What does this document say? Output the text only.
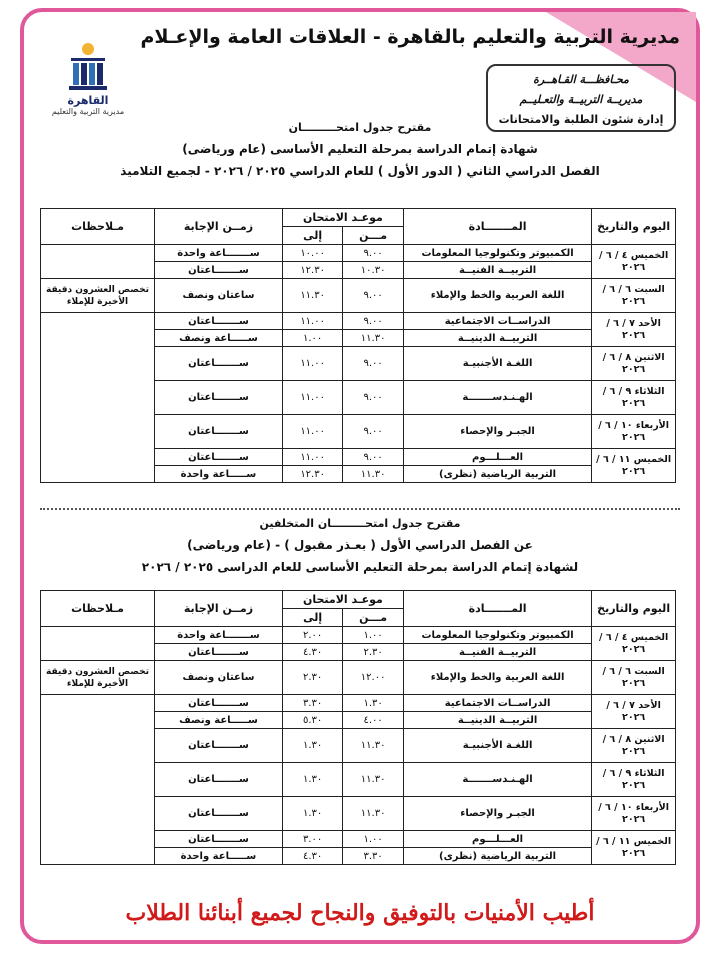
مديرية التربية والتعليم بالقاهرة - العلاقات العامة والإعـلام
القاهرة
مديرية التربية والتعليم
محـافظـــة القـاهــرة
مديريــة التربيــة والتعـليــم
إدارة شئون الطلبة والامتحانات
مقترح جدول امتحـــــــــان
شهادة إتمام الدراسة بمرحلة التعليم الأساسى (عام ورياضى)
الفصل الدراسي الثاني ( الدور الأول ) للعام الدراسي ٢٠٢٥ / ٢٠٢٦ - لجميع التلاميذ
اليوم والتاريخ	المـــــــادة	موعـد الامتحان		زمــن الإجابة	مـلاحظات
		مـــن	إلى		
الخميس ٤ / ٦ / ٢٠٢٦	الكمبيوتر وتكنولوجيا المعلومات	٩.٠٠	١٠.٠٠	ســـــــاعة واحدة	
	التربيــة الفنيــة	١٠.٣٠	١٢.٣٠	ســـــــاعتان	
السبت ٦ / ٦ / ٢٠٢٦	اللغة العربية والخط والإملاء	٩.٠٠	١١.٣٠	ساعتان ونصف	تخصص العشرون دقيقة الأخيرة للإملاء
الأحد ٧ / ٦ / ٢٠٢٦	الدراســات الاجتماعية	٩.٠٠	١١.٠٠	ســـــــاعتان	
	التربيــة الدينيــة	١١.٣٠	١.٠٠	ســـــاعة ونصف	
الاثنين ٨ / ٦ / ٢٠٢٦	اللغـة الأجنبيـة	٩.٠٠	١١.٠٠	ســـــــاعتان	
الثلاثاء ٩ / ٦ / ٢٠٢٦	الهـنـدســـــــة	٩.٠٠	١١.٠٠	ســـــــاعتان	
الأربعاء ١٠ / ٦ / ٢٠٢٦	الجبـر والإحصاء	٩.٠٠	١١.٠٠	ســـــــاعتان	
الخميس ١١ / ٦ / ٢٠٢٦	العـــلـــوم	٩.٠٠	١١.٠٠	ســـــــاعتان	
	التربية الرياضية (نظرى)	١١.٣٠	١٢.٣٠	ســـــاعة واحدة	
مقترح جدول امتحـــــــــان المتخلفين
عن الفصل الدراسي الأول ( بعـذر مقبول ) - (عام ورياضى)
لشهادة إتمام الدراسة بمرحلة التعليم الأساسى للعام الدراسى ٢٠٢٥ / ٢٠٢٦
اليوم والتاريخ	المـــــــادة	موعـد الامتحان		زمــن الإجابة	مـلاحظات
		مـــن	إلى		
الخميس ٤ / ٦ / ٢٠٢٦	الكمبيوتر وتكنولوجيا المعلومات	١.٠٠	٢.٠٠	ســـــــاعة واحدة	
	التربيــة الفنيــة	٢.٣٠	٤.٣٠	ســـــــاعتان	
السبت ٦ / ٦ / ٢٠٢٦	اللغة العربية والخط والإملاء	١٢.٠٠	٢.٣٠	ساعتان ونصف	تخصص العشرون دقيقة الأخيرة للإملاء
الأحد ٧ / ٦ / ٢٠٢٦	الدراســات الاجتماعية	١.٣٠	٣.٣٠	ســـــــاعتان	
	التربيــة الدينيــة	٤.٠٠	٥.٣٠	ســـــاعة ونصف	
الاثنين ٨ / ٦ / ٢٠٢٦	اللغـة الأجنبيـة	١١.٣٠	١.٣٠	ســـــــاعتان	
الثلاثاء ٩ / ٦ / ٢٠٢٦	الهـنـدســـــــة	١١.٣٠	١.٣٠	ســـــــاعتان	
الأربعاء ١٠ / ٦ / ٢٠٢٦	الجبـر والإحصاء	١١.٣٠	١.٣٠	ســـــــاعتان	
الخميس ١١ / ٦ / ٢٠٢٦	العـــلـــوم	١.٠٠	٣.٠٠	ســـــــاعتان	
	التربية الرياضية (نظرى)	٣.٣٠	٤.٣٠	ســـــاعة واحدة	
أطيب الأمنيات بالتوفيق والنجاح لجميع أبنائنا الطلاب
